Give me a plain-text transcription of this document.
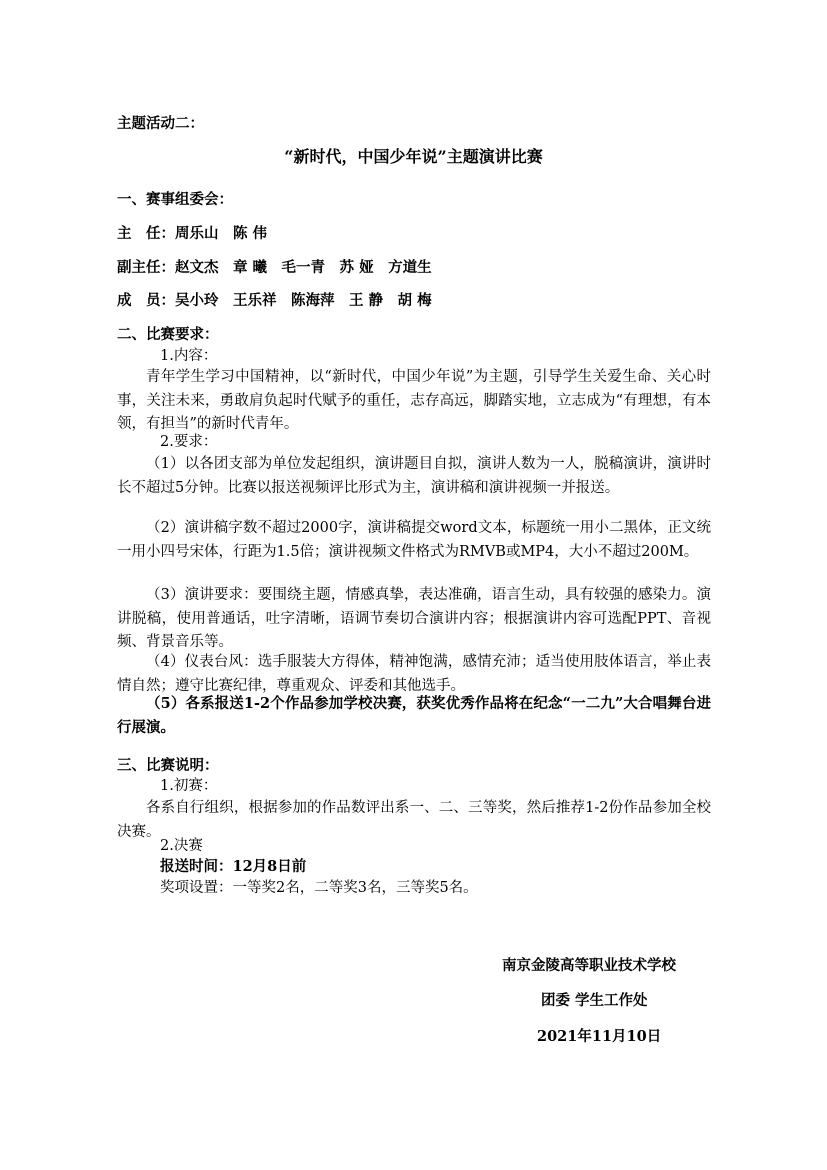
主题活动二：
“新时代，中国少年说”主题演讲比赛
一、赛事组委会：
主　任：周乐山　陈 伟
副主任：赵文杰　章 曦　毛一青　苏 娅　方道生
成　员：吴小玲　王乐祥　陈海萍　王 静　胡 梅
二、比赛要求：
1.内容：
青年学生学习中国精神，以“新时代，中国少年说”为主题，引导学生关爱生命、关心时事，关注未来，勇敢肩负起时代赋予的重任，志存高远，脚踏实地，立志成为“有理想，有本领，有担当”的新时代青年。
2.要求：
（1）以各团支部为单位发起组织，演讲题目自拟，演讲人数为一人，脱稿演讲，演讲时长不超过5分钟。比赛以报送视频评比形式为主，演讲稿和演讲视频一并报送。
（2）演讲稿字数不超过2000字，演讲稿提交word文本，标题统一用小二黑体，正文统一用小四号宋体，行距为1.5倍；演讲视频文件格式为RMVB或MP4，大小不超过200M。
（3）演讲要求：要围绕主题，情感真挚，表达准确，语言生动，具有较强的感染力。演讲脱稿，使用普通话，吐字清晰，语调节奏切合演讲内容；根据演讲内容可选配PPT、音视频、背景音乐等。
（4）仪表台风：选手服装大方得体，精神饱满，感情充沛；适当使用肢体语言，举止表情自然；遵守比赛纪律，尊重观众、评委和其他选手。
（5）各系报送1-2个作品参加学校决赛，获奖优秀作品将在纪念“一二九”大合唱舞台进行展演。
三、比赛说明：
1.初赛：
各系自行组织，根据参加的作品数评出系一、二、三等奖，然后推荐1-2份作品参加全校决赛。
2.决赛
报送时间：12月8日前
奖项设置：一等奖2名，二等奖3名，三等奖5名。
南京金陵高等职业技术学校
团委 学生工作处
2021年11月10日
